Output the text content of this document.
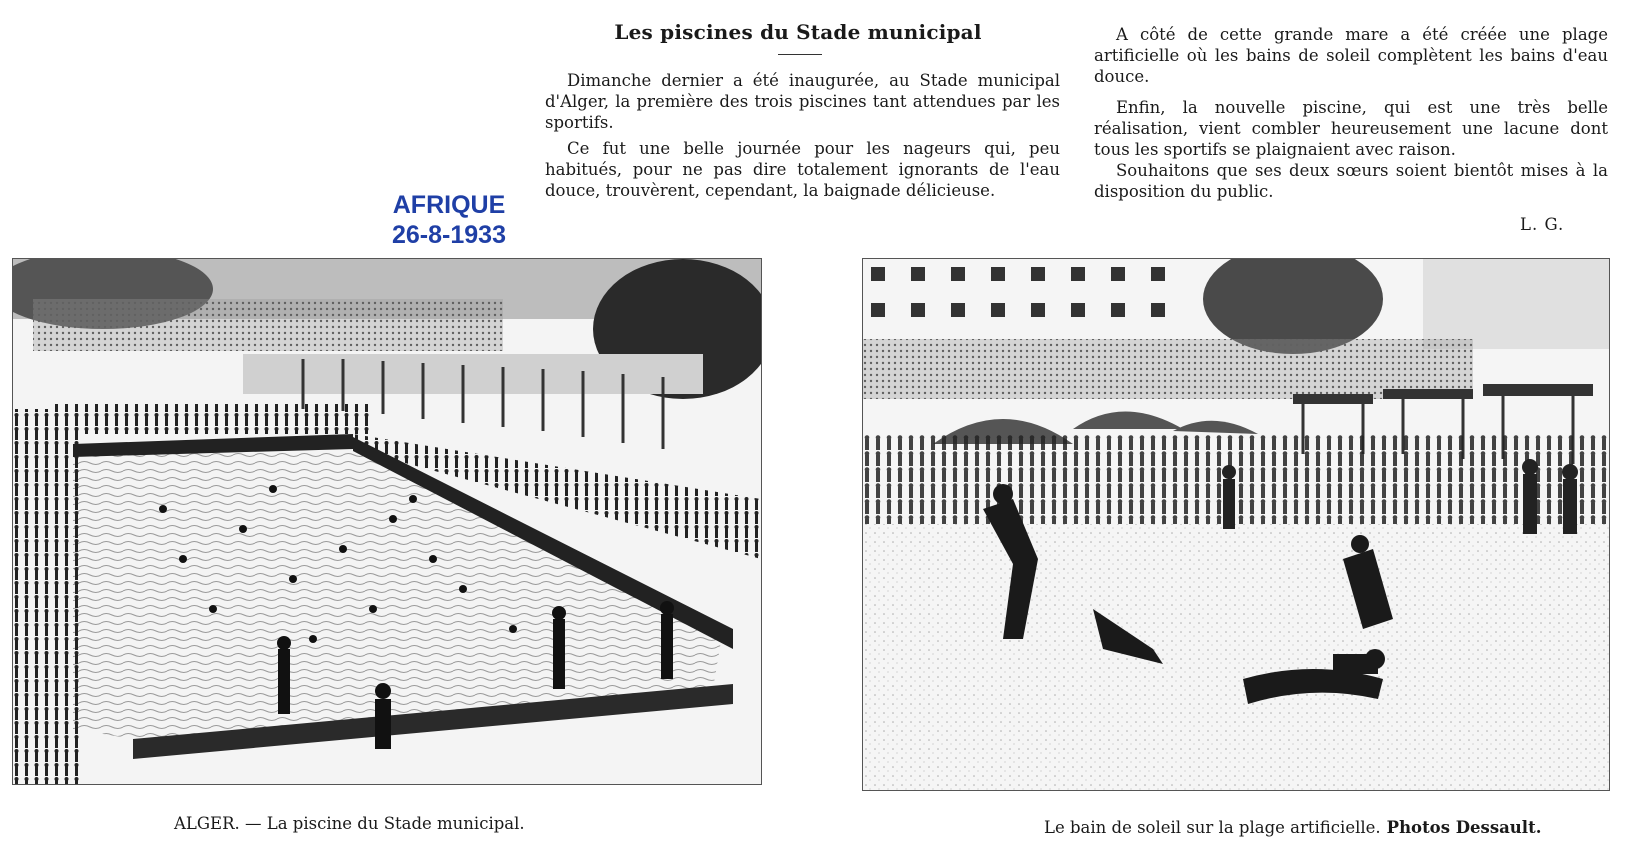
AFRIQUE
26-8-1933
Les piscines du Stade municipal

Dimanche dernier a été inaugurée, au Stade municipal d'Alger, la première des trois piscines tant attendues par les sportifs.

Ce fut une belle journée pour les nageurs qui, peu habitués, pour ne pas dire totalement ignorants de l'eau douce, trouvèrent, cependant, la baignade délicieuse.

A côté de cette grande mare a été créée une plage artificielle où les bains de soleil complètent les bains d'eau douce.

Enfin, la nouvelle piscine, qui est une très belle réalisation, vient combler heureusement une lacune dont tous les sportifs se plaignaient avec raison.

Souhaitons que ses deux sœurs soient bientôt mises à la disposition du public.

L. G.
ALGER. — La piscine du Stade municipal.	Le bain de soleil sur la plage artificielle. Photos Dessault.
